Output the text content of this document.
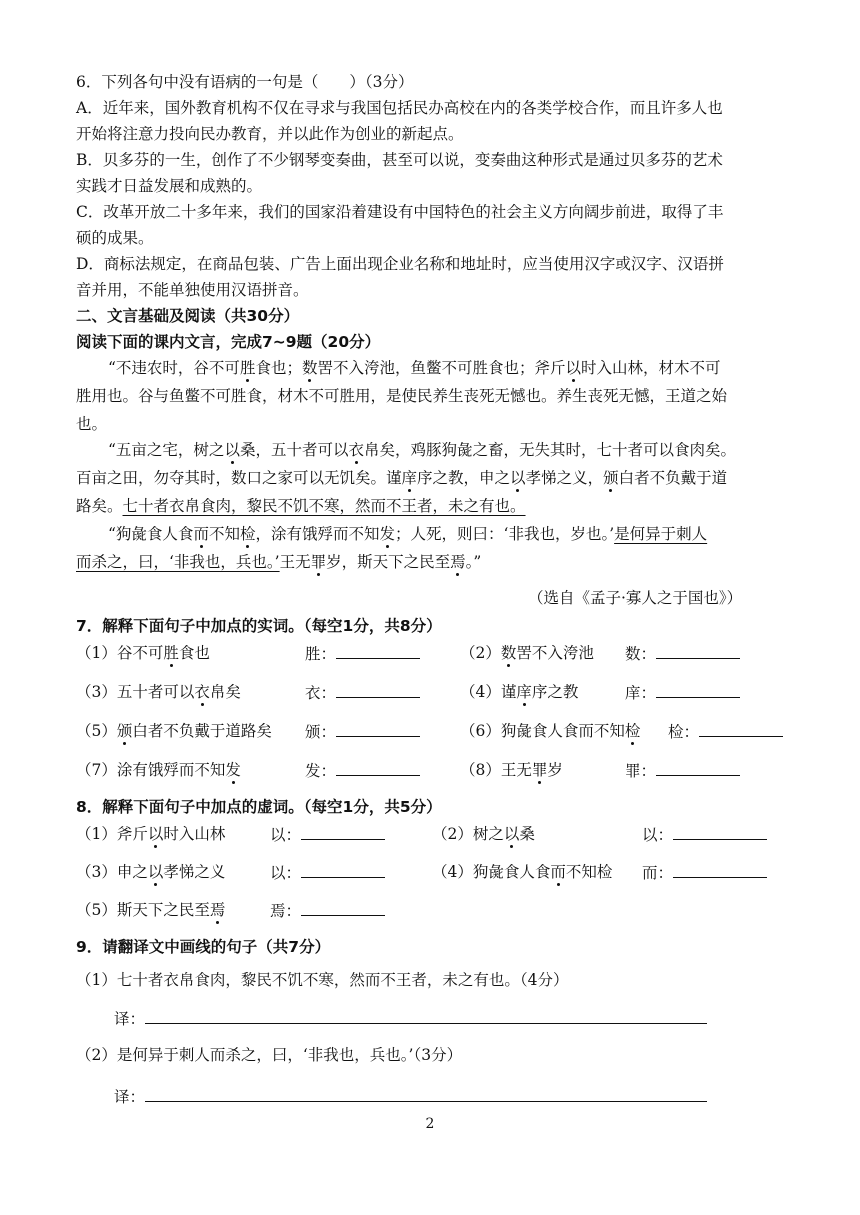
6．下列各句中没有语病的一句是（　　）（3分）
A．近年来，国外教育机构不仅在寻求与我国包括民办高校在内的各类学校合作，而且许多人也
开始将注意力投向民办教育，并以此作为创业的新起点。
B．贝多芬的一生，创作了不少钢琴变奏曲，甚至可以说，变奏曲这种形式是通过贝多芬的艺术
实践才日益发展和成熟的。
C．改革开放二十多年来，我们的国家沿着建设有中国特色的社会主义方向阔步前进，取得了丰
硕的成果。
D．商标法规定，在商品包装、广告上面出现企业名称和地址时，应当使用汉字或汉字、汉语拼
音并用，不能单独使用汉语拼音。
二、文言基础及阅读（共30分）
阅读下面的课内文言，完成7~9题（20分）
“不违农时，谷不可胜食也；数罟不入洿池，鱼鳖不可胜食也；斧斤以时入山林，材木不可
胜用也。谷与鱼鳖不可胜食，材木不可胜用，是使民养生丧死无憾也。养生丧死无憾，王道之始
也。
“五亩之宅，树之以桑，五十者可以衣帛矣，鸡豚狗彘之畜，无失其时，七十者可以食肉矣。
百亩之田，勿夺其时，数口之家可以无饥矣。谨庠序之教，申之以孝悌之义，颁白者不负戴于道
路矣。七十者衣帛食肉，黎民不饥不寒，然而不王者，未之有也。
“狗彘食人食而不知检，涂有饿殍而不知发；人死，则曰：‘非我也，岁也。’是何异于刺人
而杀之，曰，‘非我也，兵也。’王无罪岁，斯天下之民至焉。”
（选自《孟子·寡人之于国也》）
7．解释下面句子中加点的实词。（每空1分，共8分）
（1）谷不可胜食也	胜：	（2）数罟不入洿池 数：
（3）五十者可以衣帛矣	衣：	（4）谨庠序之教	庠：
（5）颁白者不负戴于道路矣 颁：	（6）狗彘食人食而不知检 检：
（7）涂有饿殍而不知发	发：	（8）王无罪岁	罪：
8．解释下面句子中加点的虚词。（每空1分，共5分）
（1）斧斤以时入山林	以：	（2）树之以桑	以：
（3）申之以孝悌之义	以：	（4）狗彘食人食而不知检 而：
（5）斯天下之民至焉	焉：
9．请翻译文中画线的句子（共7分）
（1）七十者衣帛食肉，黎民不饥不寒，然而不王者，未之有也。（4分）
译：
（2）是何异于刺人而杀之，曰，‘非我也，兵也。’（3分）
译：
2
